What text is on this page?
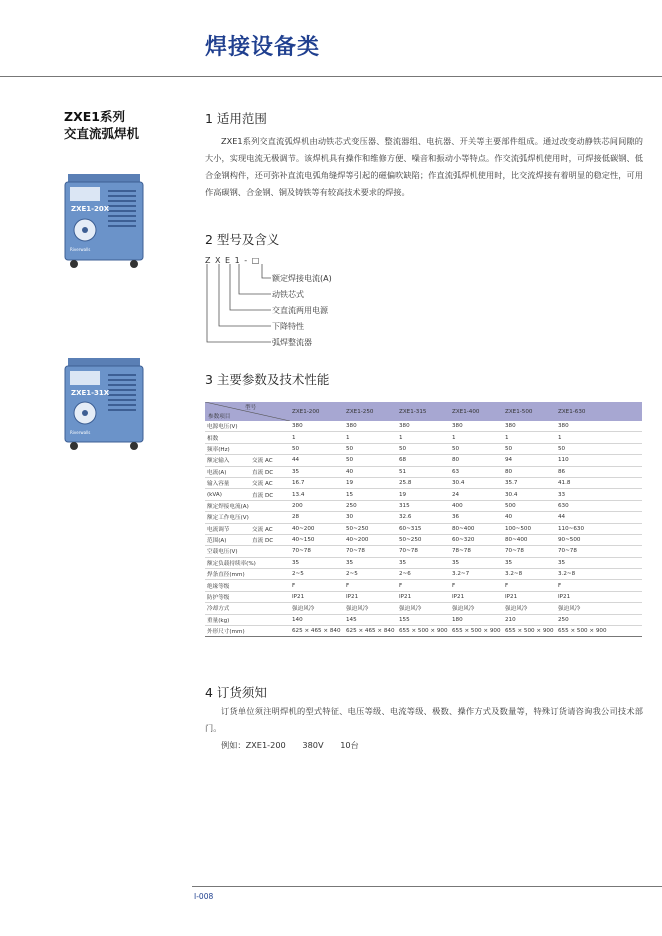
焊接设备类
ZXE1系列
交直流弧焊机
ZXE1-20X
Riverwalls
ZXE1-31X
Riverwalls
1 适用范围
ZXE1系列交直流弧焊机由动铁芯式变压器、整流器组、电抗器、开关等主要部件组成。通过改变动静铁芯间间隙的大小，实现电流无极调节。该焊机具有操作和维修方便、噪音和振动小等特点。作交流弧焊机使用时，可焊接低碳钢、低合金钢构件，还可弥补直流电弧角缝焊等引起的磁偏吹缺陷；作直流弧焊机使用时，比交流焊接有着明显的稳定性，可用作高碳钢、合金钢、铜及铸铁等有较高技术要求的焊接。
2 型号及含义
Z X E 1 - □
额定焊接电流(A)
动铁芯式
交直流两用电源
下降特性
弧焊整流器
3 主要参数及技术性能
型号
参数项目		ZXE1-200	ZXE1-250	ZXE1-315	ZXE1-400	ZXE1-500	ZXE1-630
电源电压(V)		380	380	380	380	380	380
相数		1	1	1	1	1	1
频率(Hz)		50	50	50	50	50	50
额定输入	交流 AC	44	50	68	80	94	110
电流(A)	直流 DC	35	40	51	63	80	86
输入容量	交流 AC	16.7	19	25.8	30.4	35.7	41.8
(kVA)	直流 DC	13.4	15	19	24	30.4	33
额定焊接电流(A)		200	250	315	400	500	630
额定工作电压(V)		28	30	32.6	36	40	44
电流调节	交流 AC	40~200	50~250	60~315	80~400	100~500	110~630
范围(A)	直流 DC	40~150	40~200	50~250	60~320	80~400	90~500
空载电压(V)		70~78	70~78	70~78	78~78	70~78	70~78
额定负载持续率(%)		35	35	35	35	35	35
焊条直径(mm)		2~5	2~5	2~6	3.2~7	3.2~8	3.2~8
绝缘等级		F	F	F	F	F	F
防护等级		IP21	IP21	IP21	IP21	IP21	IP21
冷却方式		强迫风冷	强迫风冷	强迫风冷	强迫风冷	强迫风冷	强迫风冷
重量(kg)		140	145	155	180	210	250
外形尺寸(mm)		625 × 465 × 840	625 × 465 × 840	655 × 500 × 900	655 × 500 × 900	655 × 500 × 900	655 × 500 × 900
4 订货须知
订货单位须注明焊机的型式特征、电压等级、电流等级、极数、操作方式及数量等，特殊订货请咨询我公司技术部门。
例如：ZXE1-200 380V 10台
I-008
